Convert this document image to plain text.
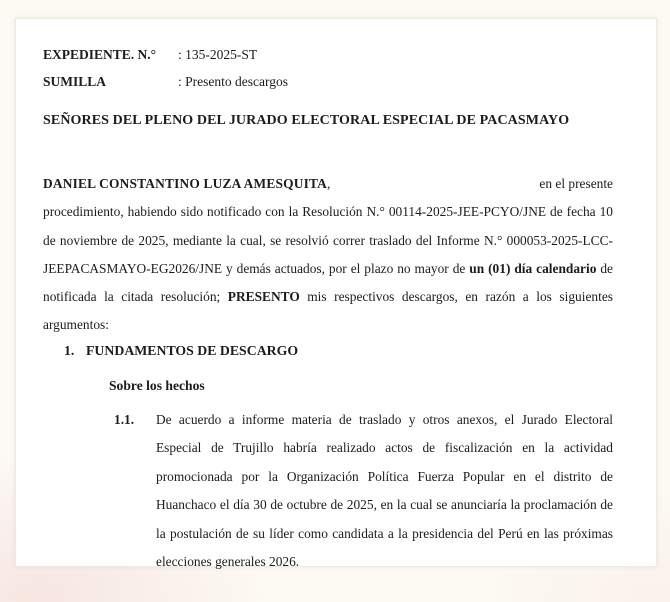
EXPEDIENTE. N.°	: 135-2025-ST
SUMILLA	: Presento descargos
SEÑORES DEL PLENO DEL JURADO ELECTORAL ESPECIAL DE PACASMAYO
DANIEL CONSTANTINO LUZA AMESQUITA,	en el presente
procedimiento, habiendo sido notificado con la Resolución N.° 00114-2025-JEE-PCYO/JNE de fecha 10 de noviembre de 2025, mediante la cual, se resolvió correr traslado del Informe N.° 000053-2025-LCC-JEEPACASMAYO-EG2026/JNE y demás actuados, por el plazo no mayor de un (01) día calendario de notificada la citada resolución; PRESENTO mis respectivos descargos, en razón a los siguientes argumentos:
1. FUNDAMENTOS DE DESCARGO
Sobre los hechos
1.1.	De acuerdo a informe materia de traslado y otros anexos, el Jurado Electoral Especial de Trujillo habría realizado actos de fiscalización en la actividad promocionada por la Organización Política Fuerza Popular en el distrito de Huanchaco el día 30 de octubre de 2025, en la cual se anunciaría la proclamación de la postulación de su líder como candidata a la presidencia del Perú en las próximas elecciones generales 2026.
